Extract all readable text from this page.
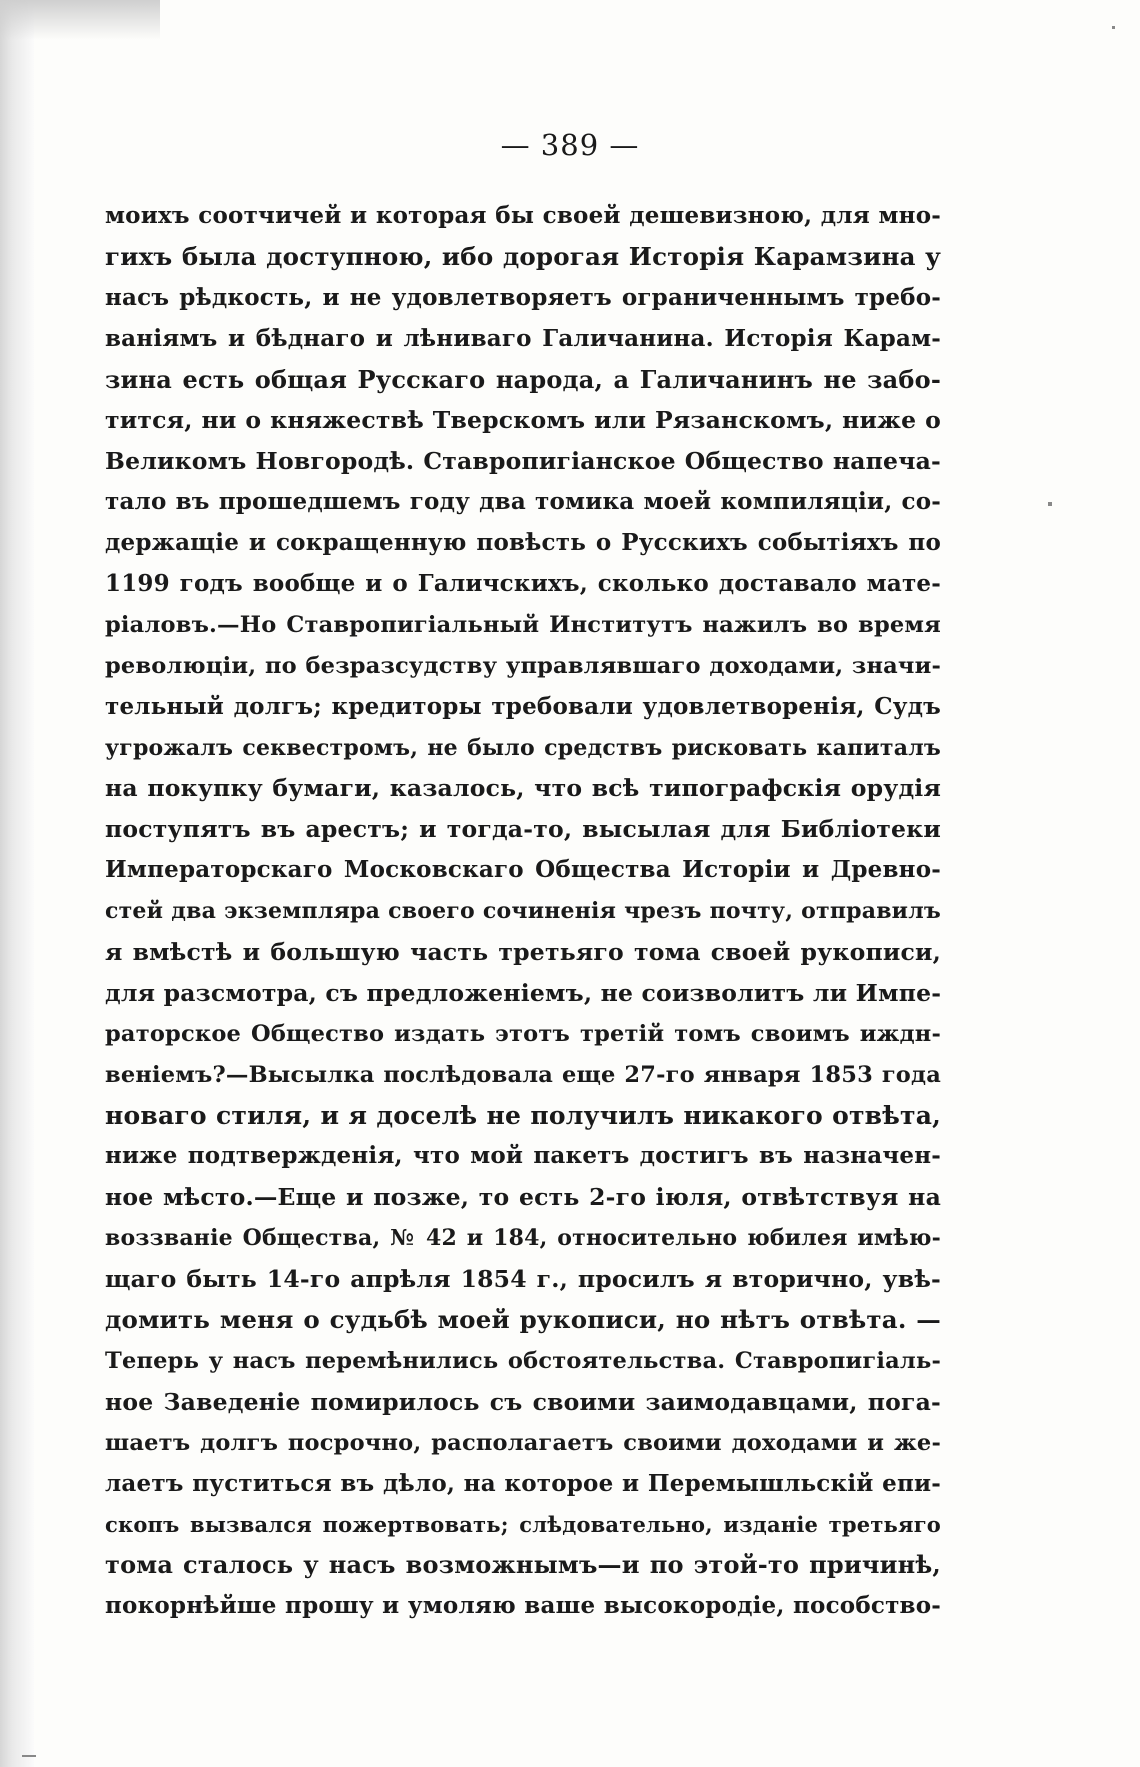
— 389 —
моихъ соотчичей и которая бы своей дешевизною, для мно-
гихъ была доступною, ибо дорогая Исторія Карамзина у
насъ рѣдкость, и не удовлетворяетъ ограниченнымъ требо-
ваніямъ и бѣднаго и лѣниваго Галичанина. Исторія Карам-
зина есть общая Русскаго народа, а Галичанинъ не забо-
тится, ни о княжествѣ Тверскомъ или Рязанскомъ, ниже о
Великомъ Новгородѣ. Ставропигіанское Общество напеча-
тало въ прошедшемъ году два томика моей компиляціи, со-
держащіе и сокращенную повѣсть о Русскихъ событіяхъ по
1199 годъ вообще и о Галичскихъ, сколько доставало мате-
ріаловъ.—Но Ставропигіальный Институтъ нажилъ во время
революціи, по безразсудству управлявшаго доходами, значи-
тельный долгъ; кредиторы требовали удовлетворенія, Судъ
угрожалъ секвестромъ, не было средствъ рисковать капиталъ
на покупку бумаги, казалось, что всѣ типографскія орудія
поступятъ въ арестъ; и тогда-то, высылая для Библіотеки
Императорскаго Московскаго Общества Исторіи и Древно-
стей два экземпляра своего сочиненія чрезъ почту, отправилъ
я вмѣстѣ и большую часть третьяго тома своей рукописи,
для разсмотра, съ предложеніемъ, не соизволитъ ли Импе-
раторское Общество издать этотъ третій томъ своимъ иждн-
веніемъ?—Высылка послѣдовала еще 27-го января 1853 года
новаго стиля, и я доселѣ не получилъ никакого отвѣта,
ниже подтвержденія, что мой пакетъ достигъ въ назначен-
ное мѣсто.—Еще и позже, то есть 2-го іюля, отвѣтствуя на
воззваніе Общества, № 42 и 184, относительно юбилея имѣю-
щаго быть 14-го апрѣля 1854 г., просилъ я вторично, увѣ-
домить меня о судьбѣ моей рукописи, но нѣтъ отвѣта. —
Теперь у насъ перемѣнились обстоятельства. Ставропигіаль-
ное Заведеніе помирилось съ своими заимодавцами, пога-
шаетъ долгъ посрочно, располагаетъ своими доходами и же-
лаетъ пуститься въ дѣло, на которое и Перемышльскій епи-
скопъ вызвался пожертвовать; слѣдовательно, изданіе третьяго
тома сталось у насъ возможнымъ—и по этой-то причинѣ,
покорнѣйше прошу и умоляю ваше высокородіе, пособство-
